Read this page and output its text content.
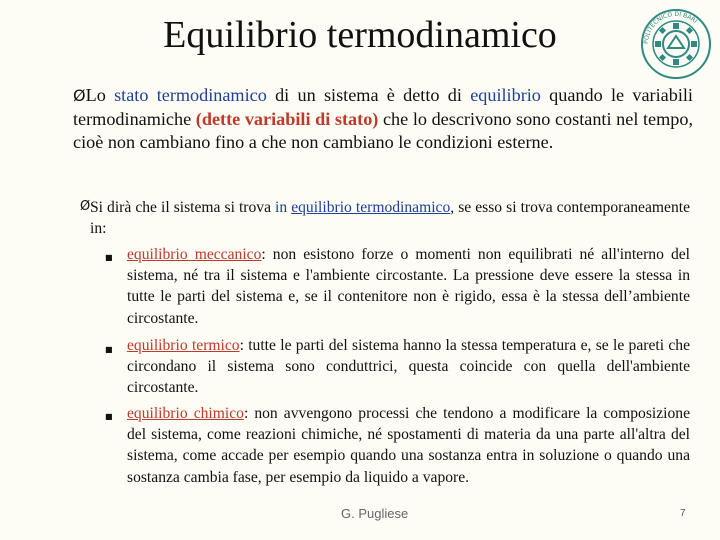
Equilibrio termodinamico	POLITECNICO DI BARI
ØLo stato termodinamico di un sistema è detto di equilibrio quando le variabili termodinamiche (dette variabili di stato) che lo descrivono sono costanti nel tempo, cioè non cambiano fino a che non cambiano le condizioni esterne.
Ø Si dirà che il sistema si trova in equilibrio termodinamico, se esso si trova contemporaneamente in:
■ equilibrio meccanico: non esistono forze o momenti non equilibrati né all'interno del sistema, né tra il sistema e l'ambiente circostante. La pressione deve essere la stessa in tutte le parti del sistema e, se il contenitore non è rigido, essa è la stessa dell’ambiente circostante.
■ equilibrio termico: tutte le parti del sistema hanno la stessa temperatura e, se le pareti che circondano il sistema sono conduttrici, questa coincide con quella dell'ambiente circostante.
■ equilibrio chimico: non avvengono processi che tendono a modificare la composizione del sistema, come reazioni chimiche, né spostamenti di materia da una parte all'altra del sistema, come accade per esempio quando una sostanza entra in soluzione o quando una sostanza cambia fase, per esempio da liquido a vapore.
G. Pugliese	7
